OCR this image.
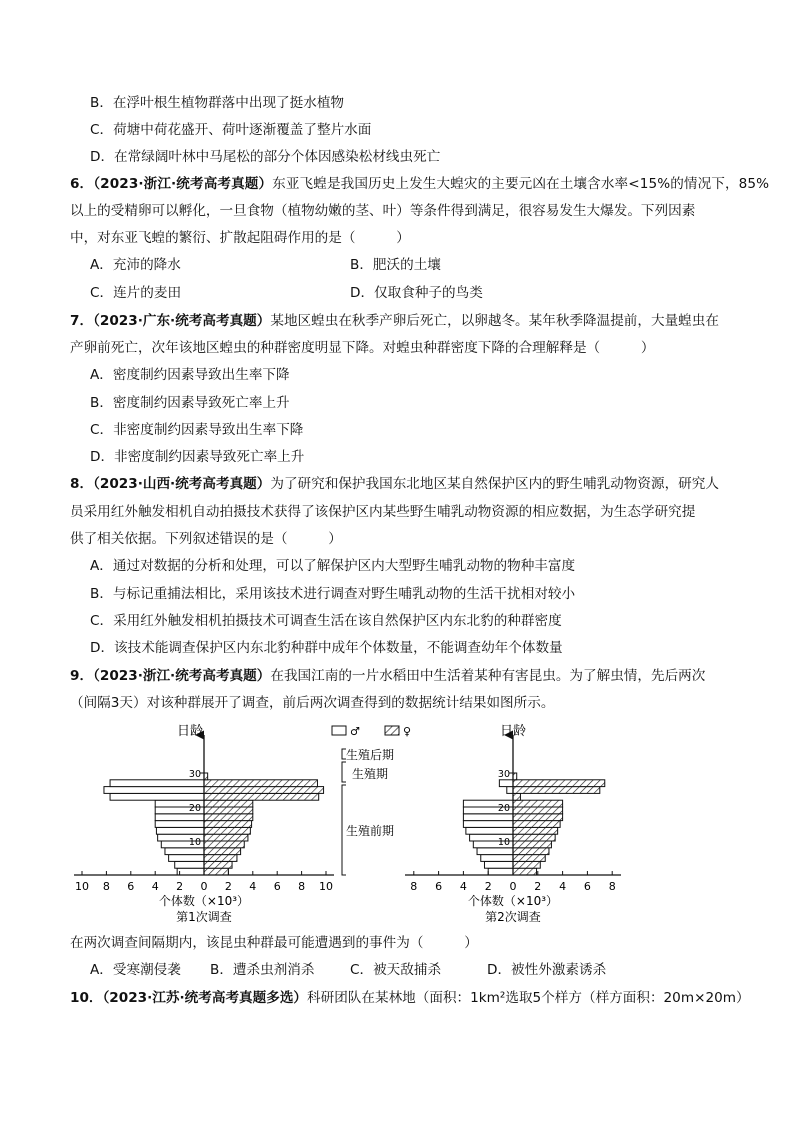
B．在浮叶根生植物群落中出现了挺水植物
C．荷塘中荷花盛开、荷叶逐渐覆盖了整片水面
D．在常绿阔叶林中马尾松的部分个体因感染松材线虫死亡
6．（2023·浙江·统考高考真题）东亚飞蝗是我国历史上发生大蝗灾的主要元凶在土壤含水率<15%的情况下，85%
以上的受精卵可以孵化，一旦食物（植物幼嫩的茎、叶）等条件得到满足，很容易发生大爆发。下列因素
中，对东亚飞蝗的繁衍、扩散起阻碍作用的是（　　　）
A．充沛的降水	B．肥沃的土壤
C．连片的麦田	D．仅取食种子的鸟类
7．（2023·广东·统考高考真题）某地区蝗虫在秋季产卵后死亡，以卵越冬。某年秋季降温提前，大量蝗虫在
产卵前死亡，次年该地区蝗虫的种群密度明显下降。对蝗虫种群密度下降的合理解释是（　　　）
A．密度制约因素导致出生率下降
B．密度制约因素导致死亡率上升
C．非密度制约因素导致出生率下降
D．非密度制约因素导致死亡率上升
8．（2023·山西·统考高考真题）为了研究和保护我国东北地区某自然保护区内的野生哺乳动物资源，研究人
员采用红外触发相机自动拍摄技术获得了该保护区内某些野生哺乳动物资源的相应数据，为生态学研究提
供了相关依据。下列叙述错误的是（　　　）
A．通过对数据的分析和处理，可以了解保护区内大型野生哺乳动物的物种丰富度
B．与标记重捕法相比，采用该技术进行调查对野生哺乳动物的生活干扰相对较小
C．采用红外触发相机拍摄技术可调查生活在该自然保护区内东北豹的种群密度
D．该技术能调查保护区内东北豹种群中成年个体数量，不能调查幼年个体数量
9．（2023·浙江·统考高考真题）在我国江南的一片水稻田中生活着某种有害昆虫。为了解虫情，先后两次
（间隔3天）对该种群展开了调查，前后两次调查得到的数据统计结果如图所示。
10 8 6 4 2 0 2 4 6 8 10
10
20
30
日龄
个体数（×10³）
第1次调查
♂	♀
生殖后期
生殖期
生殖前期
8 6 4 2 0 2 4 6 8
10
20
30
日龄
个体数（×10³）
第2次调查
在两次调查间隔期内，该昆虫种群最可能遭遇到的事件为（　　　）
A．受寒潮侵袭 B．遭杀虫剂消杀	C．被天敌捕杀	D．被性外激素诱杀
10．（2023·江苏·统考高考真题多选）科研团队在某林地（面积：1km²选取5个样方（样方面积：20m×20m）
